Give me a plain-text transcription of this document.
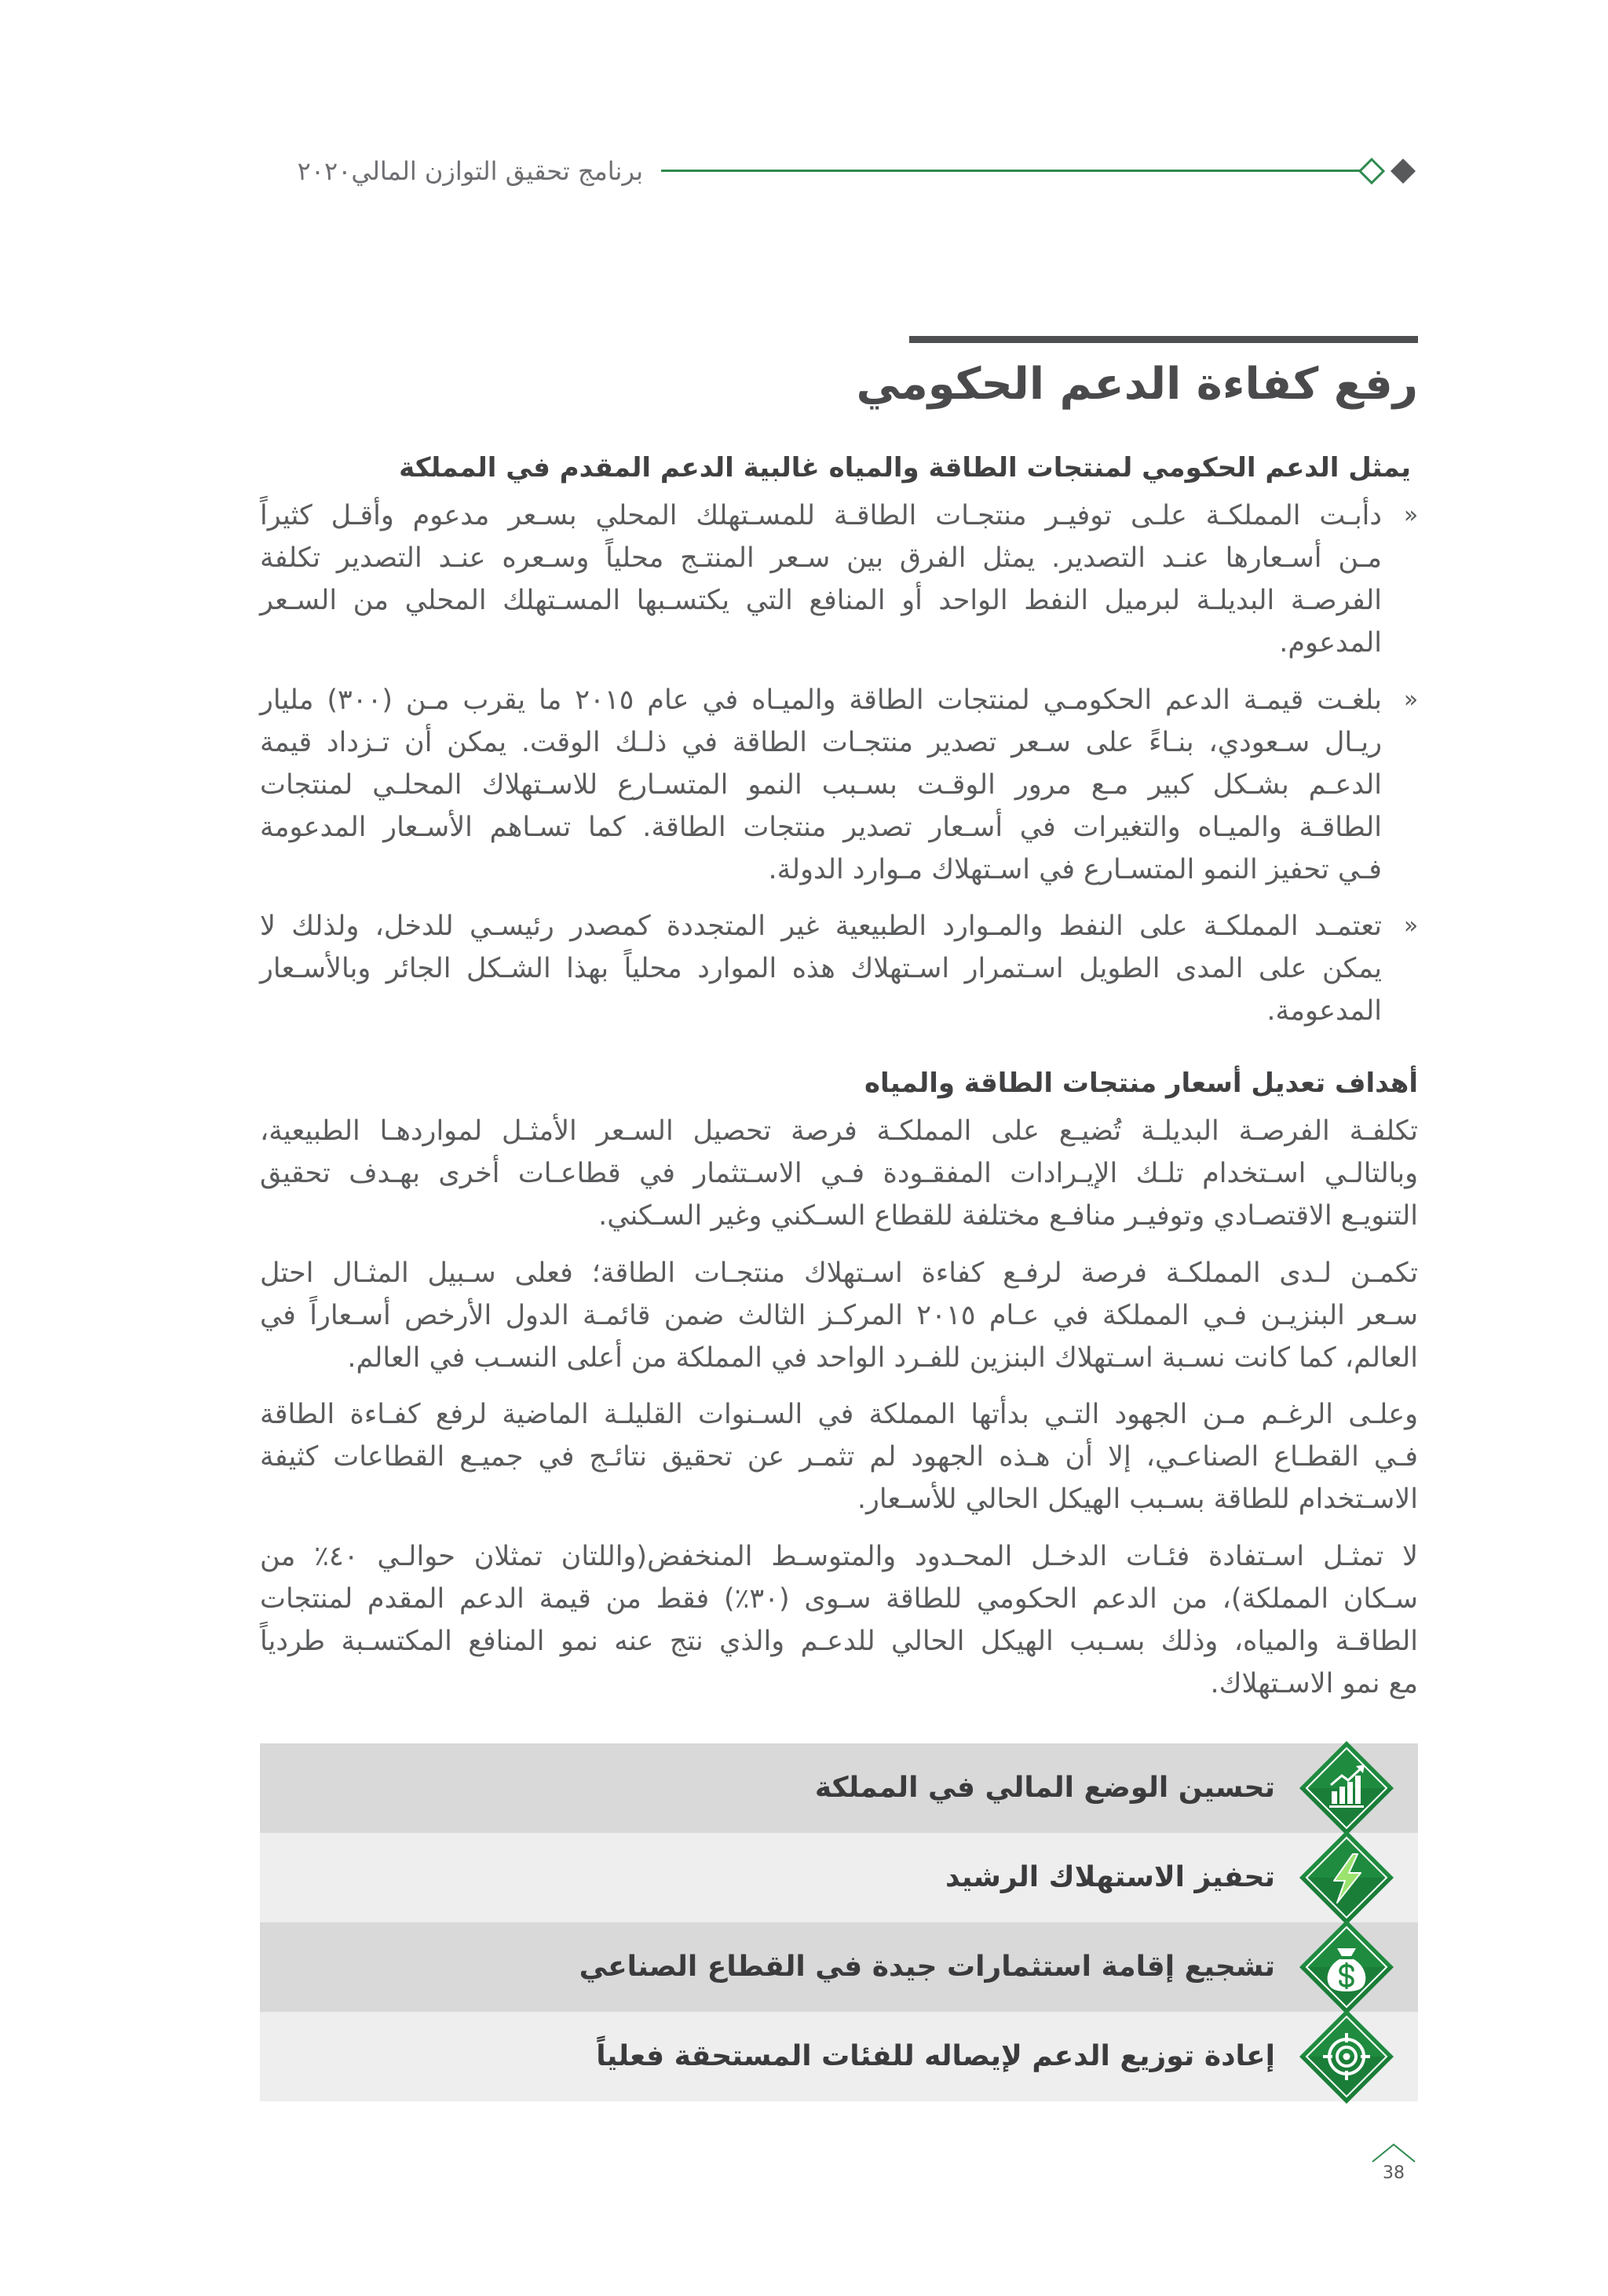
برنامج تحقيق التوازن المالي٢٠٢٠
رفع كفاءة الدعم الحكومي
يمثل الدعم الحكومي لمنتجات الطاقة والمياه غالبية الدعم المقدم في المملكة
»
دأبـت المملكـة علـى توفيـر منتجـات الطاقـة للمسـتهلك المحلي بسـعر مدعوم وأقـل كثيراً
مـن أسـعارها عنـد التصدير. يمثل الفرق بين سـعر المنتـج محلياً وسـعره عنـد التصدير تكلفة
الفرصـة البديلـة لبرميل النفط الواحد أو المنافع التي يكتسـبها المسـتهلك المحلي من السـعر
المدعوم.
»
بلغـت قيمـة الدعم الحكومـي لمنتجات الطاقة والميـاه في عام ٢٠١٥ ما يقرب مـن (٣٠٠) مليار
ريـال سـعودي، بنـاءً على سـعر تصدير منتجـات الطاقة في ذلـك الوقت. يمكن أن تـزداد قيمة
الدعـم بشـكل كبير مـع مرور الوقـت بسـبب النمو المتسـارع للاسـتهلاك المحلـي لمنتجات
الطاقـة والميـاه والتغيرات في أسـعار تصدير منتجات الطاقة. كما تسـاهم الأسـعار المدعومة
فـي تحفيز النمو المتسـارع في اسـتهلاك مـوارد الدولة.
»
تعتمـد المملكـة على النفط والمـوارد الطبيعية غير المتجددة كمصدر رئيسـي للدخل، ولذلك لا
يمكن على المدى الطويل اسـتمرار اسـتهلاك هذه الموارد محلياً بهذا الشـكل الجائر وبالأسـعار
المدعومة.
أهداف تعديل أسعار منتجات الطاقة والمياه
تكلفـة الفرصـة البديلـة تُضيـع على المملكـة فرصة تحصيل السـعر الأمثـل لمواردهـا الطبيعية،
وبالتالـي اسـتخدام تلـك الإيـرادات المفقـودة فـي الاسـتثمار في قطاعـات أخرى بهـدف تحقيق
التنويـع الاقتصـادي وتوفيـر منافـع مختلفة للقطاع السـكني وغير السـكني.
تكمـن لـدى المملكـة فرصة لرفـع كفاءة اسـتهلاك منتجـات الطاقة؛ فعلى سـبيل المثـال احتل
سـعر البنزيـن فـي المملكة في عـام ٢٠١٥ المركـز الثالث ضمن قائمـة الدول الأرخص أسـعاراً في
العالم، كما كانت نسـبة اسـتهلاك البنزين للفـرد الواحد في المملكة من أعلى النسـب في العالم.
وعلـى الرغـم مـن الجهود التـي بدأتها المملكة في السـنوات القليلـة الماضية لرفع كفـاءة الطاقة
فـي القطـاع الصناعـي، إلا أن هـذه الجهود لم تثمـر عن تحقيق نتائـج في جميـع القطاعات كثيفة
الاسـتخدام للطاقة بسـبب الهيكل الحالي للأسـعار.
لا تمثـل اسـتفادة فئـات الدخـل المحـدود والمتوسـط المنخفض(واللتان تمثلان حوالـي ٤٠٪ من
سـكان المملكة)، من الدعم الحكومي للطاقة سـوى (٣٠٪) فقط من قيمة الدعم المقدم لمنتجات
الطاقـة والمياه، وذلك بسـبب الهيكل الحالي للدعـم والذي نتج عنه نمو المنافع المكتسـبة طردياً
مع نمو الاسـتهلاك.
تحسين الوضع المالي في المملكة
تحفيز الاستهلاك الرشيد
تشجيع إقامة استثمارات جيدة في القطاع الصناعي
إعادة توزيع الدعم لإيصاله للفئات المستحقة فعلياً
38
